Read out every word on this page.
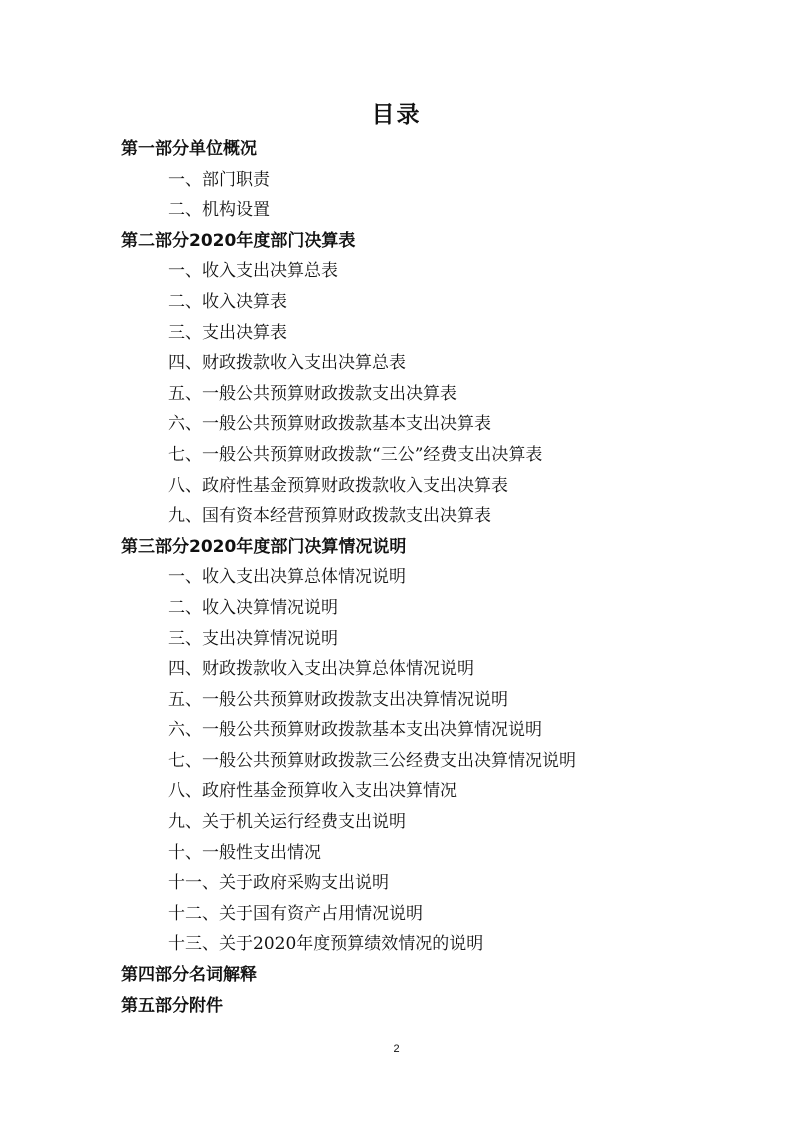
目录
第一部分单位概况
一、部门职责
二、机构设置
第二部分2020年度部门决算表
一、收入支出决算总表
二、收入决算表
三、支出决算表
四、财政拨款收入支出决算总表
五、一般公共预算财政拨款支出决算表
六、一般公共预算财政拨款基本支出决算表
七、一般公共预算财政拨款“三公”经费支出决算表
八、政府性基金预算财政拨款收入支出决算表
九、国有资本经营预算财政拨款支出决算表
第三部分2020年度部门决算情况说明
一、收入支出决算总体情况说明
二、收入决算情况说明
三、支出决算情况说明
四、财政拨款收入支出决算总体情况说明
五、一般公共预算财政拨款支出决算情况说明
六、一般公共预算财政拨款基本支出决算情况说明
七、一般公共预算财政拨款三公经费支出决算情况说明
八、政府性基金预算收入支出决算情况
九、关于机关运行经费支出说明
十、一般性支出情况
十一、关于政府采购支出说明
十二、关于国有资产占用情况说明
十三、关于2020年度预算绩效情况的说明
第四部分名词解释
第五部分附件
2
